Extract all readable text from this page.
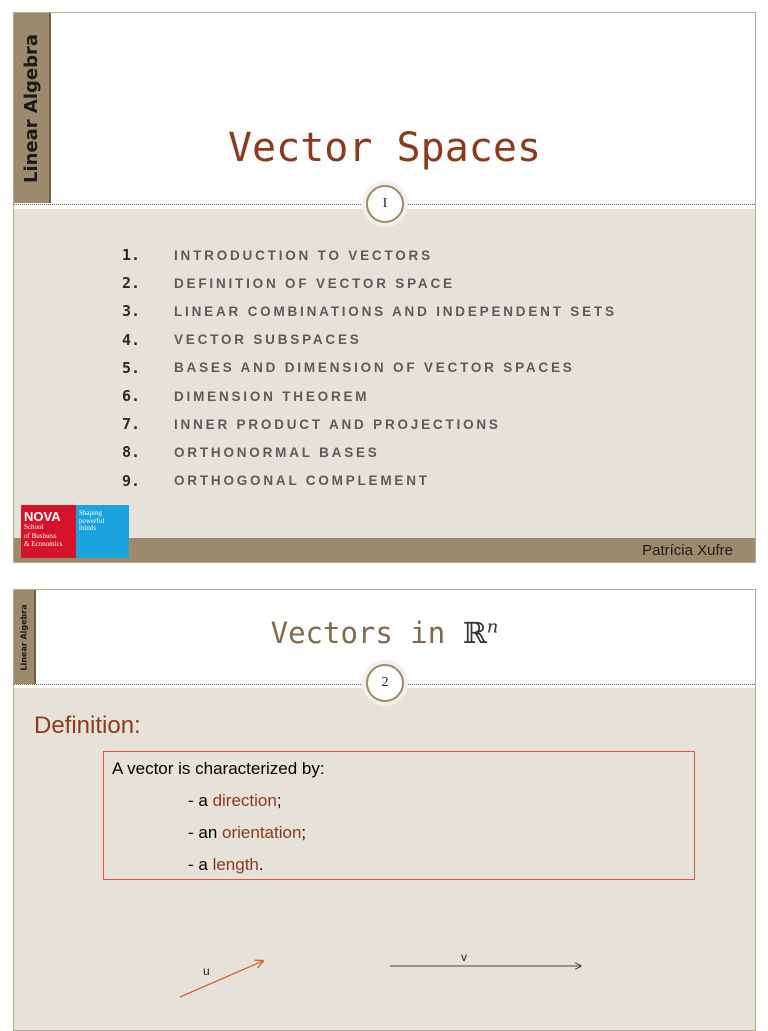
Linear Algebra	Vector Spaces
I
1.	INTRODUCTION TO VECTORS
2.	DEFINITION OF VECTOR SPACE
3.	LINEAR COMBINATIONS AND INDEPENDENT SETS
4.	VECTOR SUBSPACES
5.	BASES AND DIMENSION OF VECTOR SPACES
6.	DIMENSION THEOREM
7.	INNER PRODUCT AND PROJECTIONS
8.	ORTHONORMAL BASES
9.	ORTHOGONAL COMPLEMENT
Patrícia Xufre
NOVA
School
of Business
& Economics
Shaping
powerful
minds
Linear Algebra	Vectors in ℝ$^n$
2
Definition:
A vector is characterized by:
- a direction;
- an orientation;
- a length.
u
v
